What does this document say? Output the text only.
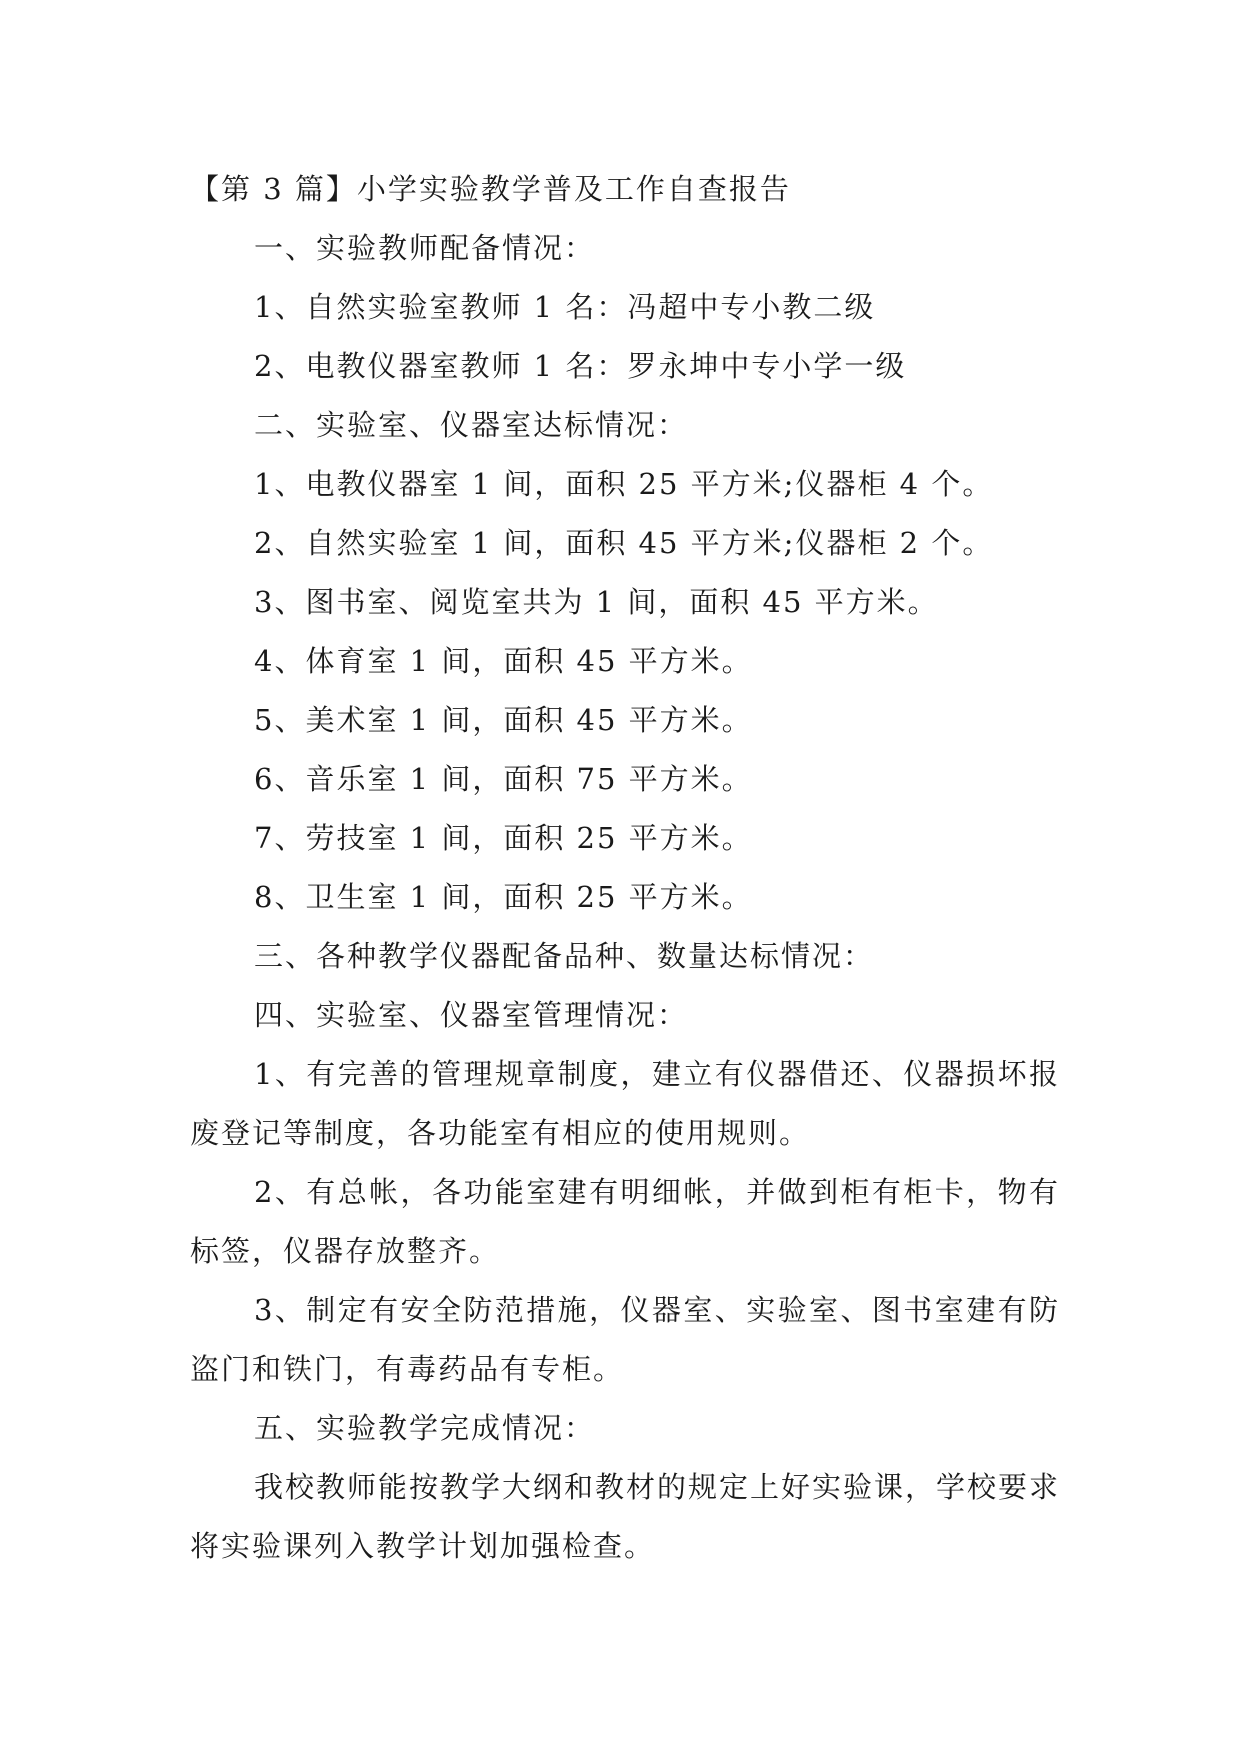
【第 3 篇】小学实验教学普及工作自查报告
一、实验教师配备情况：
1、自然实验室教师 1 名：冯超中专小教二级
2、电教仪器室教师 1 名：罗永坤中专小学一级
二、实验室、仪器室达标情况：
1、电教仪器室 1 间，面积 25 平方米;仪器柜 4 个。
2、自然实验室 1 间，面积 45 平方米;仪器柜 2 个。
3、图书室、阅览室共为 1 间，面积 45 平方米。
4、体育室 1 间，面积 45 平方米。
5、美术室 1 间，面积 45 平方米。
6、音乐室 1 间，面积 75 平方米。
7、劳技室 1 间，面积 25 平方米。
8、卫生室 1 间，面积 25 平方米。
三、各种教学仪器配备品种、数量达标情况：
四、实验室、仪器室管理情况：
1、有完善的管理规章制度，建立有仪器借还、仪器损坏报废登记等制度，各功能室有相应的使用规则。
2、有总帐，各功能室建有明细帐，并做到柜有柜卡，物有标签，仪器存放整齐。
3、制定有安全防范措施，仪器室、实验室、图书室建有防盗门和铁门，有毒药品有专柜。
五、实验教学完成情况：
我校教师能按教学大纲和教材的规定上好实验课，学校要求将实验课列入教学计划加强检查。
